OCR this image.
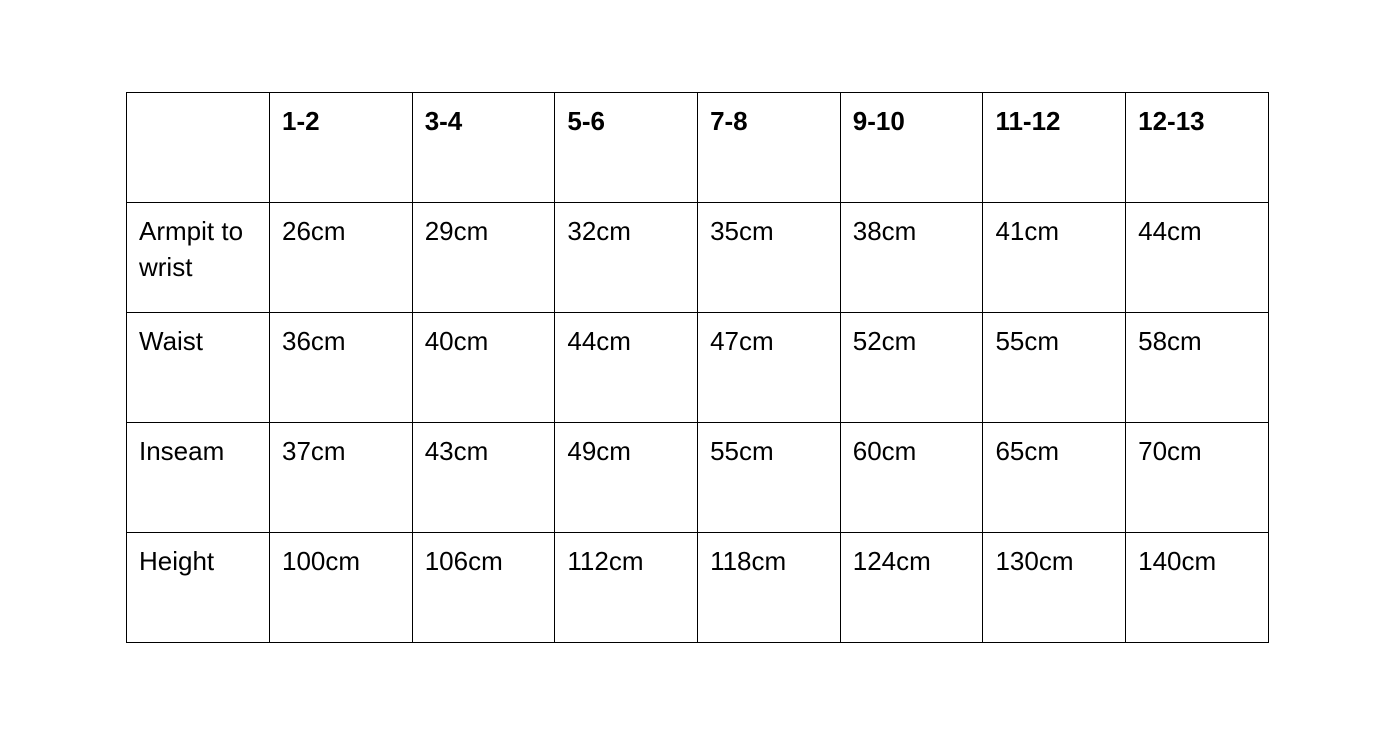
	1-2	3-4	5-6	7-8	9-10	11-12	12-13
Armpit to wrist	26cm	29cm	32cm	35cm	38cm	41cm	44cm
Waist	36cm	40cm	44cm	47cm	52cm	55cm	58cm
Inseam	37cm	43cm	49cm	55cm	60cm	65cm	70cm
Height	100cm	106cm	112cm	118cm	124cm	130cm	140cm
